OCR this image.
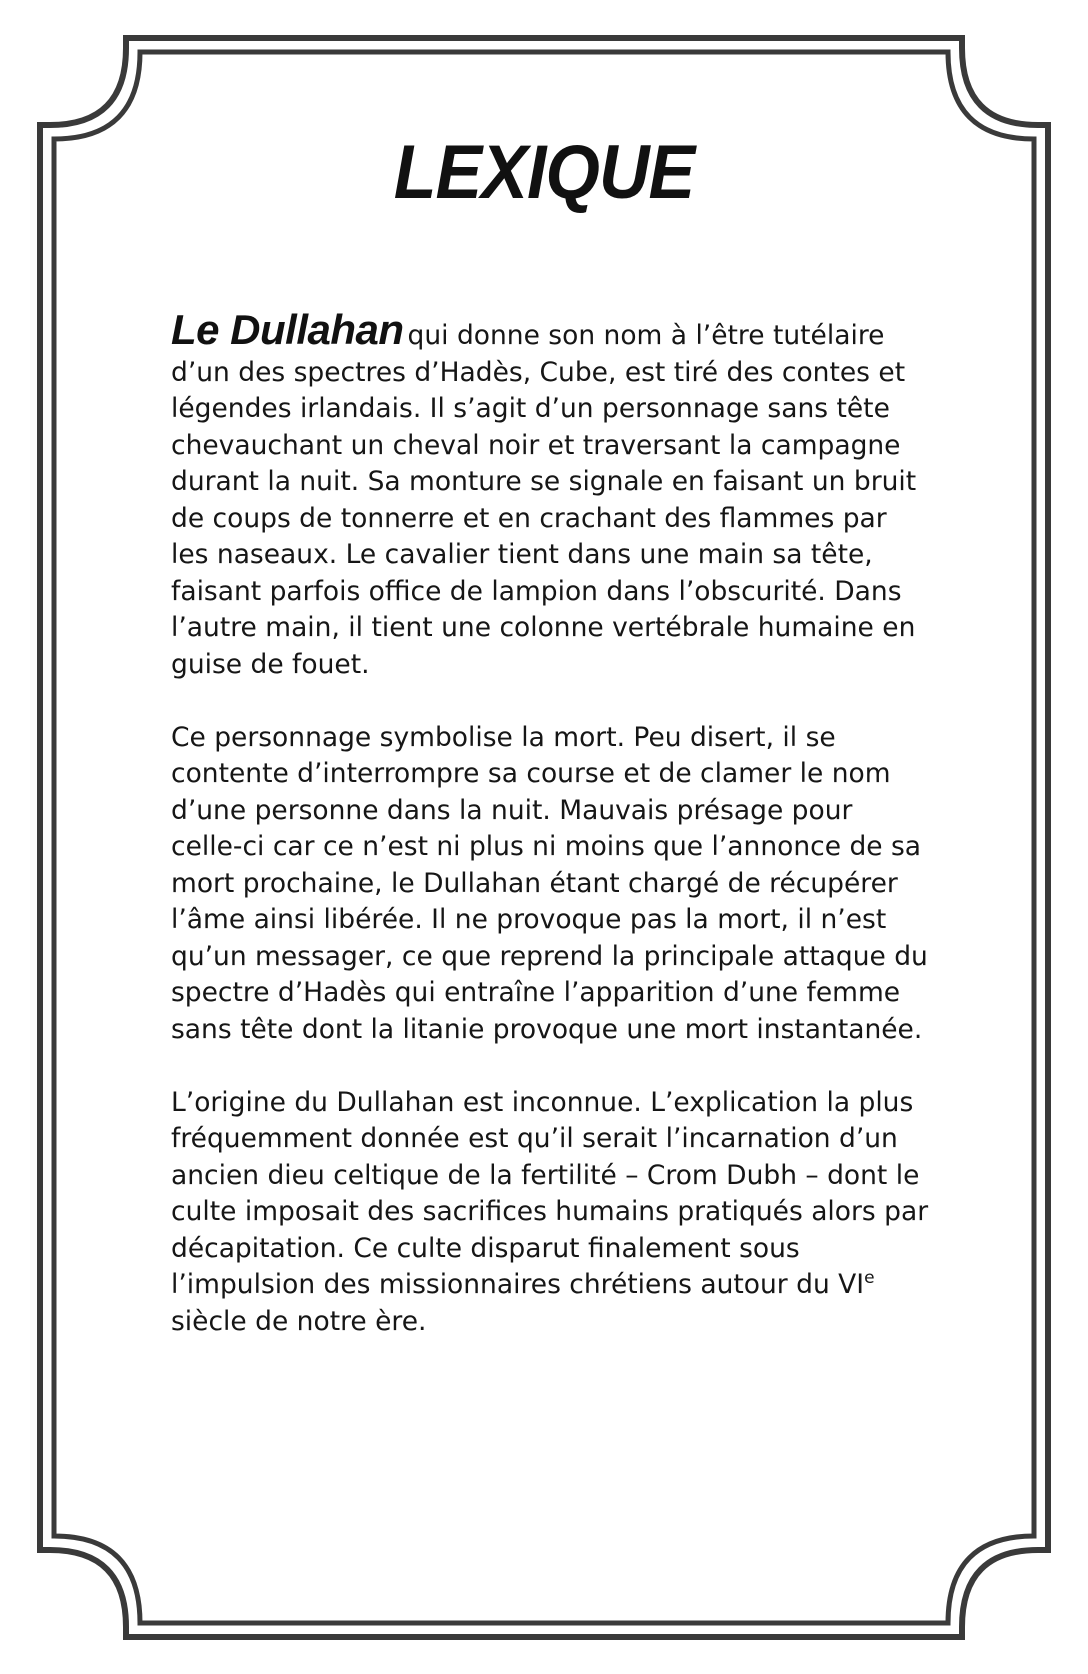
LEXIQUE

Le Dullahan qui donne son nom à l’être tutélaire d’un des spectres d’Hadès, Cube, est tiré des contes et légendes irlandais. Il s’agit d’un personnage sans tête chevauchant un cheval noir et traversant la campagne durant la nuit. Sa monture se signale en faisant un bruit de coups de tonnerre et en crachant des flammes par les naseaux. Le cavalier tient dans une main sa tête, faisant parfois office de lampion dans l’obscurité. Dans l’autre main, il tient une colonne vertébrale humaine en guise de fouet.

Ce personnage symbolise la mort. Peu disert, il se contente d’interrompre sa course et de clamer le nom d’une personne dans la nuit. Mauvais présage pour celle-ci car ce n’est ni plus ni moins que l’annonce de sa mort prochaine, le Dullahan étant chargé de récupérer l’âme ainsi libérée. Il ne provoque pas la mort, il n’est qu’un messager, ce que reprend la principale attaque du spectre d’Hadès qui entraîne l’apparition d’une femme sans tête dont la litanie provoque une mort instantanée.

L’origine du Dullahan est inconnue. L’explication la plus fréquemment donnée est qu’il serait l’incarnation d’un ancien dieu celtique de la fertilité – Crom Dubh – dont le culte imposait des sacrifices humains pratiqués alors par décapitation. Ce culte disparut finalement sous l’impulsion des missionnaires chrétiens autour du VIe siècle de notre ère.
